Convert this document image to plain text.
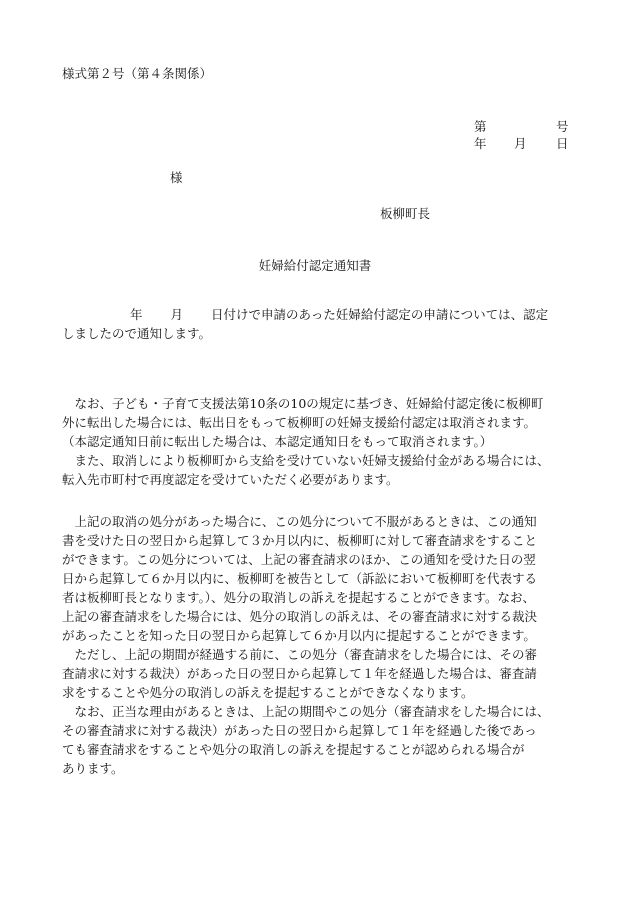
様式第２号（第４条関係）
第	号
年 月 日
様
板柳町長
妊婦給付認定通知書
年 月 日付けで申請のあった妊婦給付認定の申請については、認定
しましたので通知します。
　なお、子ども・子育て支援法第10条の10の規定に基づき、妊婦給付認定後に板柳町
外に転出した場合には、転出日をもって板柳町の妊婦支援給付認定は取消されます。
（本認定通知日前に転出した場合は、本認定通知日をもって取消されます。）
　また、取消しにより板柳町から支給を受けていない妊婦支援給付金がある場合には、
転入先市町村で再度認定を受けていただく必要があります。
　上記の取消の処分があった場合に、この処分について不服があるときは、この通知
書を受けた日の翌日から起算して３か月以内に、板柳町に対して審査請求をすること
ができます。この処分については、上記の審査請求のほか、この通知を受けた日の翌
日から起算して６か月以内に、板柳町を被告として（訴訟において板柳町を代表する
者は板柳町長となります。）、処分の取消しの訴えを提起することができます。なお、
上記の審査請求をした場合には、処分の取消しの訴えは、その審査請求に対する裁決
があったことを知った日の翌日から起算して６か月以内に提起することができます。
　ただし、上記の期間が経過する前に、この処分（審査請求をした場合には、その審
査請求に対する裁決）があった日の翌日から起算して１年を経過した場合は、審査請
求をすることや処分の取消しの訴えを提起することができなくなります。
　なお、正当な理由があるときは、上記の期間やこの処分（審査請求をした場合には、
その審査請求に対する裁決）があった日の翌日から起算して１年を経過した後であっ
ても審査請求をすることや処分の取消しの訴えを提起することが認められる場合が
あります。
